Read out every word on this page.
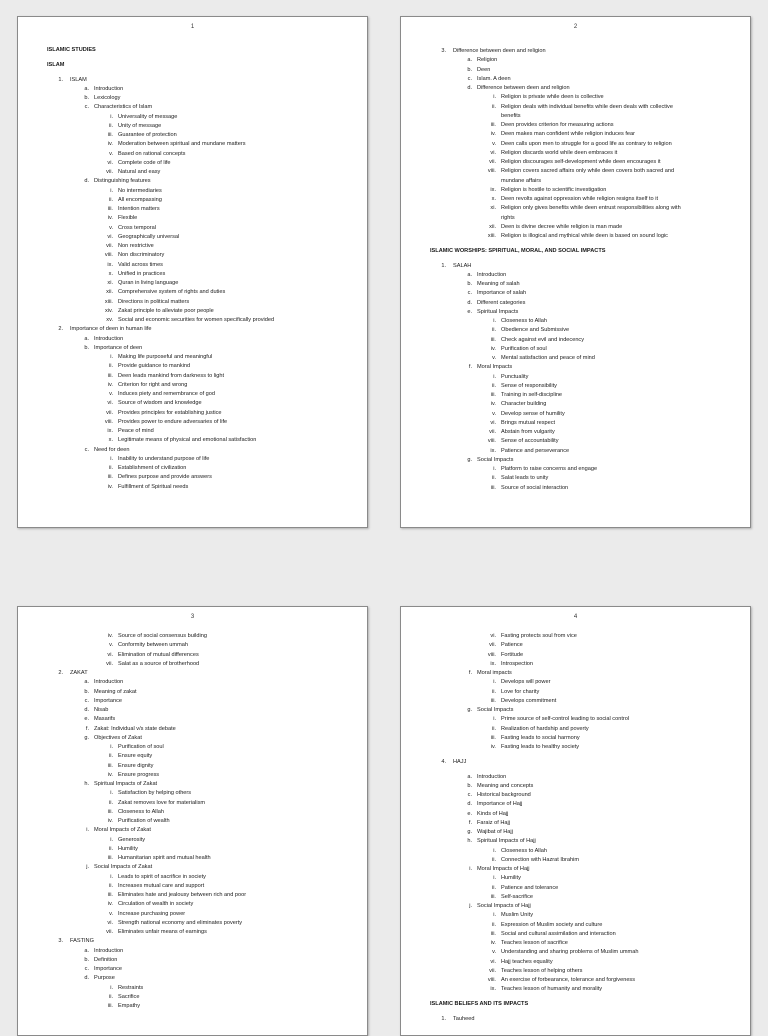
1
ISLAMIC STUDIES
ISLAM
1. ISLAM
a. Introduction
b. Lexicology
c. Characteristics of Islam
i. Universality of message
ii. Unity of message
iii. Guarantee of protection
iv. Moderation between spiritual and mundane matters
v. Based on rational concepts
vi. Complete code of life
vii. Natural and easy
d. Distinguishing features
i. No intermediaries
ii. All encompassing
iii. Intention matters
iv. Flexible
v. Cross temporal
vi. Geographically universal
vii. Non restrictive
viii. Non discriminatory
ix. Valid across times
x. Unified in practices
xi. Quran in living language
xii. Comprehensive system of rights and duties
xiii. Directions in political matters
xiv. Zakat principle to alleviate poor people
xv. Social and economic securities for women specifically provided
2. Importance of deen in human life
a. Introduction
b. Importance of deen
i. Making life purposeful and meaningful
ii. Provide guidance to mankind
iii. Deen leads mankind from darkness to light
iv. Criterion for right and wrong
v. Induces piety and remembrance of god
vi. Source of wisdom and knowledge
vii. Provides principles for establishing justice
viii. Provides power to endure adversaries of life
ix. Peace of mind
x. Legitimate means of physical and emotional satisfaction
c. Need for deen
i. Inability to understand purpose of life
ii. Establishment of civilization
iii. Defines purpose and provide answers
iv. Fulfillment of Spiritual needs
2
3. Difference between deen and religion
a. Religion
b. Deen
c. Islam. A deen
d. Difference between deen and religion
i. Religion is private while deen is collective
ii. Religion deals with individual benefits while deen deals with collective
benefits
iii. Deen provides criterion for measuring actions
iv. Deen makes man confident while religion induces fear
v. Deen calls upon men to struggle for a good life as contrary to religion
vi. Religion discards world while deen embraces it
vii. Religion discourages self-development while deen encourages it
viii. Religion covers sacred affairs only while deen covers both sacred and
mundane affairs
ix. Religion is hostile to scientific investigation
x. Deen revolts against oppression while religion resigns itself to it
xi. Religion only gives benefits while deen entrust responsibilities along with
rights
xii. Deen is divine decree while religion is man made
xiii. Religion is illogical and mythical while deen is based on sound logic
ISLAMIC WORSHIPS: SPIRITUAL, MORAL, AND SOCIAL IMPACTS
1. SALAH
a. Introduction
b. Meaning of salah
c. Importance of salah
d. Different categories
e. Spiritual Impacts
i. Closeness to Allah
ii. Obedience and Submissive
iii. Check against evil and indecency
iv. Purification of soul
v. Mental satisfaction and peace of mind
f. Moral Impacts
i. Punctuality
ii. Sense of responsibility
iii. Training in self-discipline
iv. Character building
v. Develop sense of humility
vi. Brings mutual respect
vii. Abstain from vulgarity
viii. Sense of accountability
ix. Patience and perseverance
g. Social Impacts
i. Platform to raise concerns and engage
ii. Salat leads to unity
iii. Source of social interaction
3
iv. Source of social consensus building
v. Conformity between ummah
vi. Elimination of mutual differences
vii. Salat as a source of brotherhood
2. ZAKAT
a. Introduction
b. Meaning of zakat
c. Importance
d. Nisab
e. Masarifs
f. Zakat: Individual v/s state debate
g. Objectives of Zakat
i. Purification of soul
ii. Ensure equity
iii. Ensure dignity
iv. Ensure progress
h. Spiritual Impacts of Zakat
i. Satisfaction by helping others
ii. Zakat removes love for materialism
iii. Closeness to Allah
iv. Purification of wealth
i. Moral Impacts of Zakat
i. Generosity
ii. Humility
iii. Humanitarian spirit and mutual health
j. Social Impacts of Zakat
i. Leads to spirit of sacrifice in society
ii. Increases mutual care and support
iii. Eliminates hate and jealousy between rich and poor
iv. Circulation of wealth in society
v. Increase purchasing power
vi. Strength national economy and eliminates poverty
vii. Eliminates unfair means of earnings
3. FASTING
a. Introduction
b. Definition
c. Importance
d. Purpose
i. Restraints
ii. Sacrifice
iii. Empathy
4
vi. Fasting protects soul from vice
vii. Patience
viii. Fortitude
ix. Introspection
f. Moral impacts
i. Develops will power
ii. Love for charity
iii. Develops commitment
g. Social Impacts
i. Prime source of self-control leading to social control
ii. Realization of hardship and poverty
iii. Fasting leads to social harmony
iv. Fasting leads to healthy society
4. HAJJ
a. Introduction
b. Meaning and concepts
c. Historical background
d. Importance of Hajj
e. Kinds of Hajj
f. Faraiz of Hajj
g. Wajibat of Hajj
h. Spiritual Impacts of Hajj
i. Closeness to Allah
ii. Connection with Hazrat Ibrahim
i. Moral Impacts of Hajj
i. Humility
ii. Patience and tolerance
iii. Self-sacrifice
j. Social Impacts of Hajj
i. Muslim Unity
ii. Expression of Muslim society and culture
iii. Social and cultural assimilation and interaction
iv. Teaches lesson of sacrifice
v. Understanding and sharing problems of Muslim ummah
vi. Hajj teaches equality
vii. Teaches lesson of helping others
viii. An exercise of forbearance, tolerance and forgiveness
ix. Teaches lesson of humanity and morality
ISLAMIC BELIEFS AND ITS IMPACTS
1. Tauheed
